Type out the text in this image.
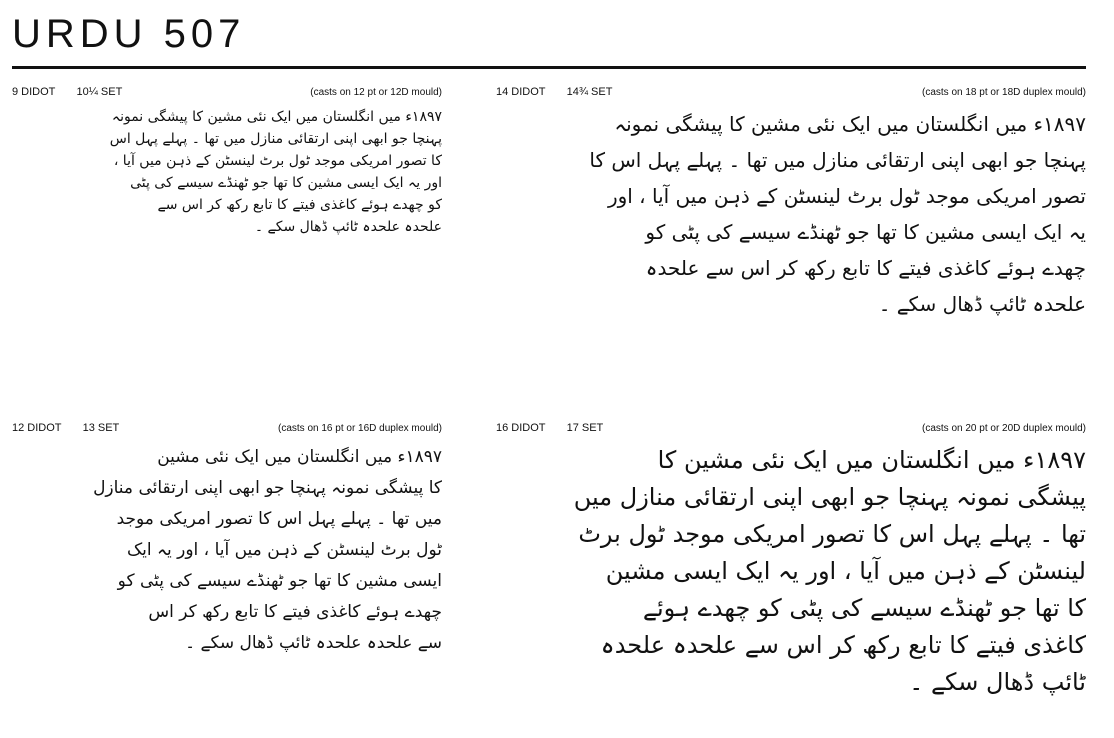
URDU 507
9 DIDOT 10¼ SET	(casts on 12 pt or 12D mould)
۱۸۹۷ء میں انگلستان میں ایک نئی مشین کا پیشگی نمونہ
پہنچا جو ابھی اپنی ارتقائی منازل میں تھا ۔ پہلے پہل اس
کا تصور امریکی موجد ٹول برٹ لینسٹن کے ذہن میں آیا ،
اور یہ ایک ایسی مشین کا تھا جو ٹھنڈے سیسے کی پٹی
کو چھدے ہوئے کاغذی فیتے کا تابع رکھ کر اس سے
علحدہ علحدہ ٹائپ ڈھال سکے ۔
14 DIDOT 14¾ SET	(casts on 18 pt or 18D duplex mould)
۱۸۹۷ء میں انگلستان میں ایک نئی مشین کا پیشگی نمونہ
پہنچا جو ابھی اپنی ارتقائی منازل میں تھا ۔ پہلے پہل اس کا
تصور امریکی موجد ٹول برٹ لینسٹن کے ذہن میں آیا ، اور
یہ ایک ایسی مشین کا تھا جو ٹھنڈے سیسے کی پٹی کو
چھدے ہوئے کاغذی فیتے کا تابع رکھ کر اس سے علحدہ
علحدہ ٹائپ ڈھال سکے ۔
12 DIDOT 13 SET	(casts on 16 pt or 16D duplex mould)
۱۸۹۷ء میں انگلستان میں ایک نئی مشین
کا پیشگی نمونہ پہنچا جو ابھی اپنی ارتقائی منازل
میں تھا ۔ پہلے پہل اس کا تصور امریکی موجد
ٹول برٹ لینسٹن کے ذہن میں آیا ، اور یہ ایک
ایسی مشین کا تھا جو ٹھنڈے سیسے کی پٹی کو
چھدے ہوئے کاغذی فیتے کا تابع رکھ کر اس
سے علحدہ علحدہ ٹائپ ڈھال سکے ۔
16 DIDOT 17 SET	(casts on 20 pt or 20D duplex mould)
۱۸۹۷ء میں انگلستان میں ایک نئی مشین کا
پیشگی نمونہ پہنچا جو ابھی اپنی ارتقائی منازل میں
تھا ۔ پہلے پہل اس کا تصور امریکی موجد ٹول برٹ
لینسٹن کے ذہن میں آیا ، اور یہ ایک ایسی مشین
کا تھا جو ٹھنڈے سیسے کی پٹی کو چھدے ہوئے
کاغذی فیتے کا تابع رکھ کر اس سے علحدہ علحدہ
ٹائپ ڈھال سکے ۔
